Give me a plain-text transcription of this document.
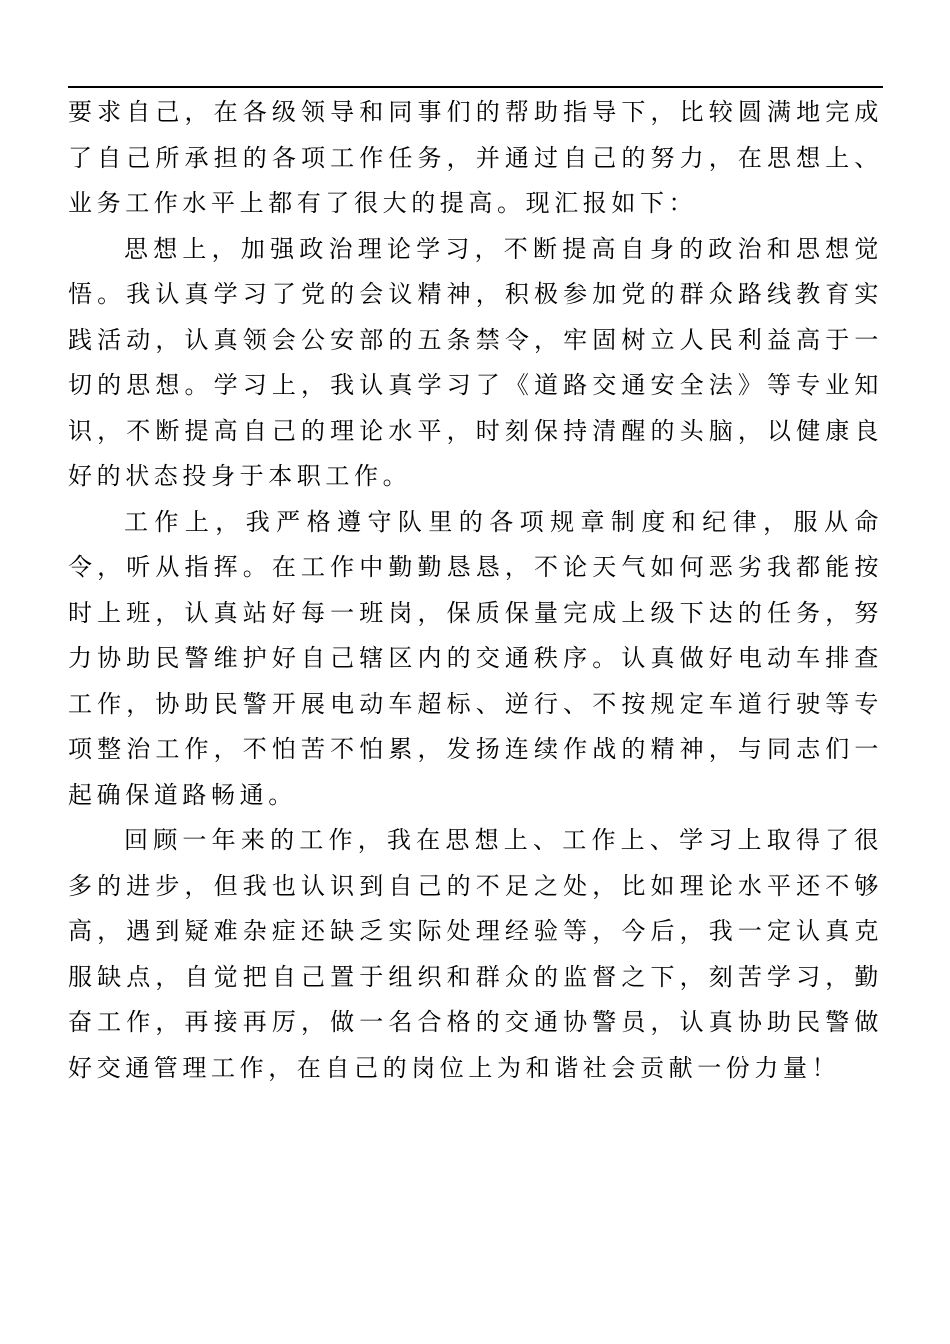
要求自己，在各级领导和同事们的帮助指导下，比较圆满地完成了自己所承担的各项工作任务，并通过自己的努力，在思想上、业务工作水平上都有了很大的提高。现汇报如下：

思想上，加强政治理论学习，不断提高自身的政治和思想觉悟。我认真学习了党的会议精神，积极参加党的群众路线教育实践活动，认真领会公安部的五条禁令，牢固树立人民利益高于一切的思想。学习上，我认真学习了《道路交通安全法》等专业知识，不断提高自己的理论水平，时刻保持清醒的头脑，以健康良好的状态投身于本职工作。

工作上，我严格遵守队里的各项规章制度和纪律，服从命令，听从指挥。在工作中勤勤恳恳，不论天气如何恶劣我都能按时上班，认真站好每一班岗，保质保量完成上级下达的任务，努力协助民警维护好自己辖区内的交通秩序。认真做好电动车排查工作，协助民警开展电动车超标、逆行、不按规定车道行驶等专项整治工作，不怕苦不怕累，发扬连续作战的精神，与同志们一起确保道路畅通。

回顾一年来的工作，我在思想上、工作上、学习上取得了很多的进步，但我也认识到自己的不足之处，比如理论水平还不够高，遇到疑难杂症还缺乏实际处理经验等，今后，我一定认真克服缺点，自觉把自己置于组织和群众的监督之下，刻苦学习，勤奋工作，再接再厉，做一名合格的交通协警员，认真协助民警做好交通管理工作，在自己的岗位上为和谐社会贡献一份力量！
